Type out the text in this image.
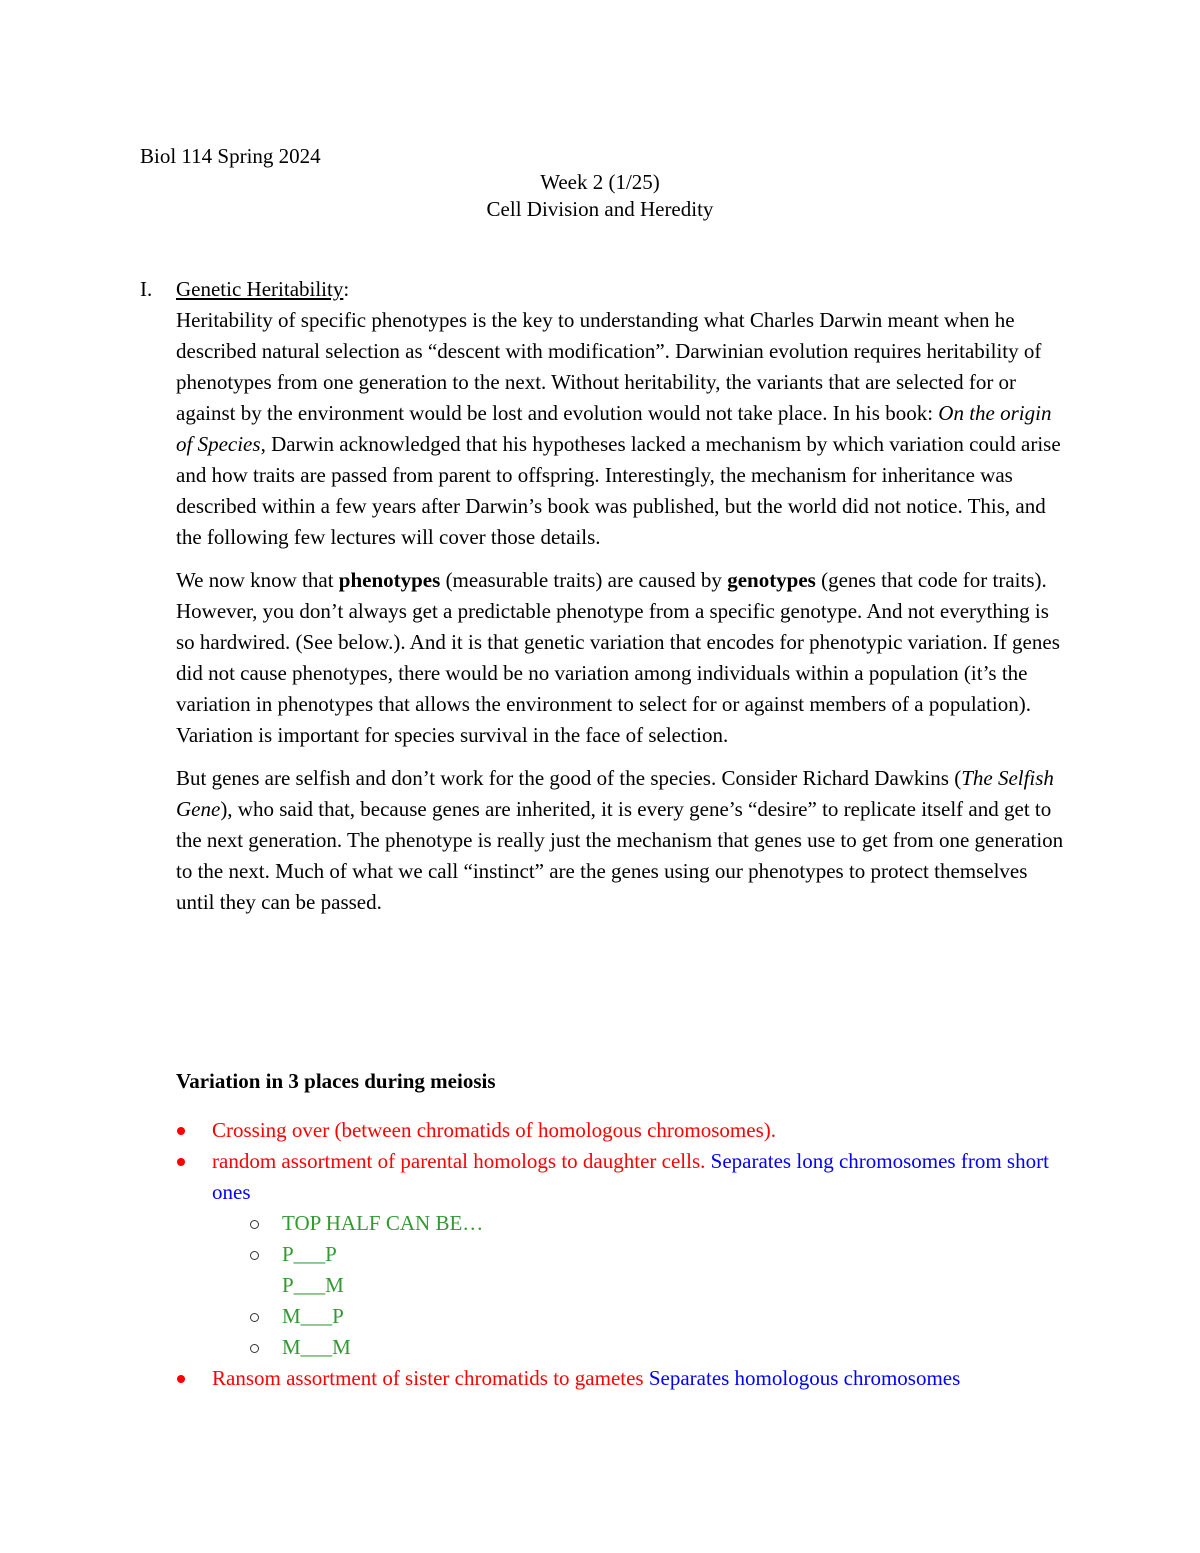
Biol 114 Spring 2024
Week 2 (1/25)
Cell Division and Heredity
I. Genetic Heritability:

Heritability of specific phenotypes is the key to understanding what Charles Darwin meant when he described natural selection as “descent with modification”. Darwinian evolution requires heritability of phenotypes from one generation to the next. Without heritability, the variants that are selected for or against by the environment would be lost and evolution would not take place. In his book: On the origin of Species, Darwin acknowledged that his hypotheses lacked a mechanism by which variation could arise and how traits are passed from parent to offspring. Interestingly, the mechanism for inheritance was described within a few years after Darwin’s book was published, but the world did not notice. This, and the following few lectures will cover those details.

We now know that phenotypes (measurable traits) are caused by genotypes (genes that code for traits). However, you don’t always get a predictable phenotype from a specific genotype. And not everything is so hardwired. (See below.). And it is that genetic variation that encodes for phenotypic variation. If genes did not cause phenotypes, there would be no variation among individuals within a population (it’s the variation in phenotypes that allows the environment to select for or against members of a population). Variation is important for species survival in the face of selection.

But genes are selfish and don’t work for the good of the species. Consider Richard Dawkins (The Selfish Gene), who said that, because genes are inherited, it is every gene’s “desire” to replicate itself and get to the next generation. The phenotype is really just the mechanism that genes use to get from one generation to the next. Much of what we call “instinct” are the genes using our phenotypes to protect themselves until they can be passed.

Variation in 3 places during meiosis
Crossing over (between chromatids of homologous chromosomes).
random assortment of parental homologs to daughter cells. Separates long chromosomes from short ones
TOP HALF CAN BE…
P___P
P___M
M___P
M___M
Ransom assortment of sister chromatids to gametes Separates homologous chromosomes
